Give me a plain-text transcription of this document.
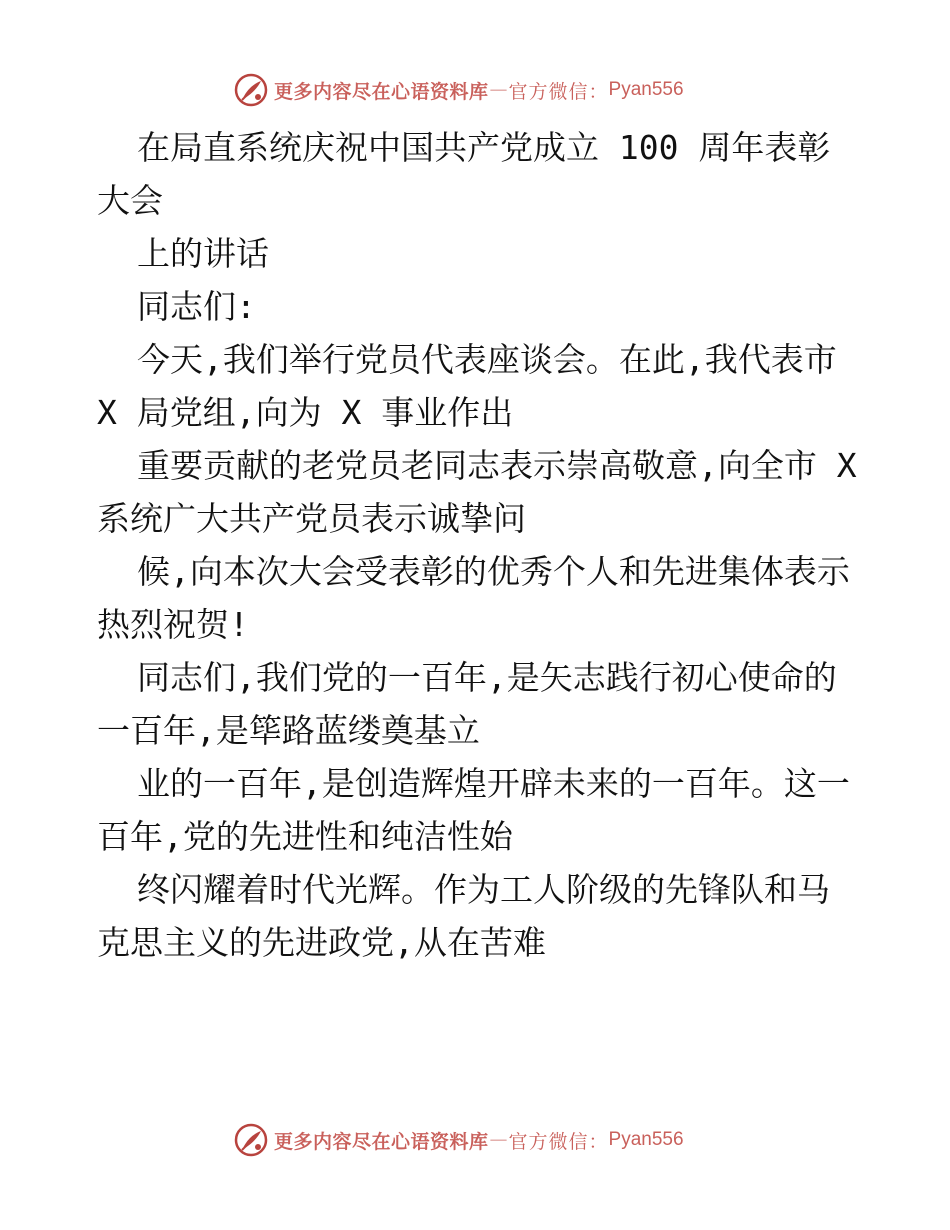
更多内容尽在心语资料库 — 官方微信： Pyan556

在局直系统庆祝中国共产党成立 100 周年表彰大会

上的讲话

同志们:

今天,我们举行党员代表座谈会。在此,我代表市 X 局党组,向为 X 事业作出

重要贡献的老党员老同志表示崇高敬意,向全市 X 系统广大共产党员表示诚挚问

候,向本次大会受表彰的优秀个人和先进集体表示热烈祝贺!

同志们,我们党的一百年,是矢志践行初心使命的一百年,是筚路蓝缕奠基立

业的一百年,是创造辉煌开辟未来的一百年。这一百年,党的先进性和纯洁性始

终闪耀着时代光辉。作为工人阶级的先锋队和马克思主义的先进政党,从在苦难

更多内容尽在心语资料库 — 官方微信： Pyan556
